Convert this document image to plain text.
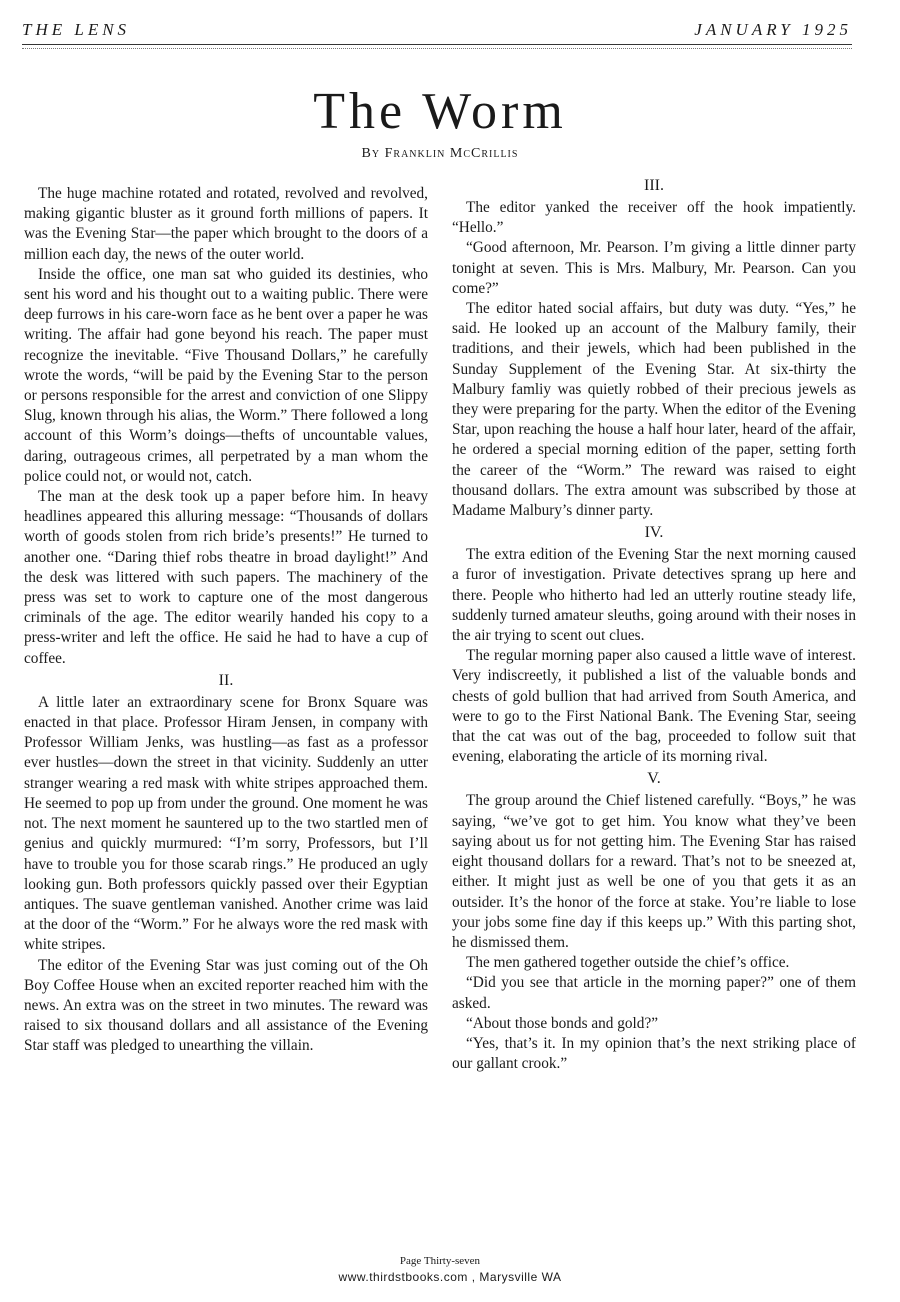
THE LENS	JANUARY 1925
The Worm
By Franklin McCrillis

The huge machine rotated and rotated, revolved and revolved, making gigantic bluster as it ground forth millions of papers. It was the Evening Star—the paper which brought to the doors of a million each day, the news of the outer world.

Inside the office, one man sat who guided its destinies, who sent his word and his thought out to a waiting public. There were deep furrows in his care-worn face as he bent over a paper he was writing. The affair had gone beyond his reach. The paper must recognize the inevitable. “Five Thousand Dollars,” he carefully wrote the words, “will be paid by the Evening Star to the person or persons responsible for the arrest and conviction of one Slippy Slug, known through his alias, the Worm.” There followed a long account of this Worm’s doings—thefts of uncountable values, daring, outrageous crimes, all perpetrated by a man whom the police could not, or would not, catch.

The man at the desk took up a paper before him. In heavy headlines appeared this alluring message: “Thousands of dollars worth of goods stolen from rich bride’s presents!” He turned to another one. “Daring thief robs theatre in broad daylight!” And the desk was littered with such papers. The machinery of the press was set to work to capture one of the most dangerous criminals of the age. The editor wearily handed his copy to a press-writer and left the office. He said he had to have a cup of coffee.

II.

A little later an extraordinary scene for Bronx Square was enacted in that place. Professor Hiram Jensen, in company with Professor William Jenks, was hustling—as fast as a professor ever hustles—down the street in that vicinity. Suddenly an utter stranger wearing a red mask with white stripes approached them. He seemed to pop up from under the ground. One moment he was not. The next moment he sauntered up to the two startled men of genius and quickly murmured: “I’m sorry, Professors, but I’ll have to trouble you for those scarab rings.” He produced an ugly looking gun. Both professors quickly passed over their Egyptian antiques. The suave gentleman vanished. Another crime was laid at the door of the “Worm.” For he always wore the red mask with white stripes.

The editor of the Evening Star was just coming out of the Oh Boy Coffee House when an excited reporter reached him with the news. An extra was on the street in two minutes. The reward was raised to six thousand dollars and all assistance of the Evening Star staff was pledged to unearthing the villain.

III.

The editor yanked the receiver off the hook impatiently. “Hello.”

“Good afternoon, Mr. Pearson. I’m giving a little dinner party tonight at seven. This is Mrs. Malbury, Mr. Pearson. Can you come?”

The editor hated social affairs, but duty was duty. “Yes,” he said. He looked up an account of the Malbury family, their traditions, and their jewels, which had been published in the Sunday Supplement of the Evening Star. At six-thirty the Malbury famliy was quietly robbed of their precious jewels as they were preparing for the party. When the editor of the Evening Star, upon reaching the house a half hour later, heard of the affair, he ordered a special morning edition of the paper, setting forth the career of the “Worm.” The reward was raised to eight thousand dollars. The extra amount was subscribed by those at Madame Malbury’s dinner party.

IV.

The extra edition of the Evening Star the next morning caused a furor of investigation. Private detectives sprang up here and there. People who hitherto had led an utterly routine steady life, suddenly turned amateur sleuths, going around with their noses in the air trying to scent out clues.

The regular morning paper also caused a little wave of interest. Very indiscreetly, it published a list of the valuable bonds and chests of gold bullion that had arrived from South America, and were to go to the First National Bank. The Evening Star, seeing that the cat was out of the bag, proceeded to follow suit that evening, elaborating the article of its morning rival.

V.

The group around the Chief listened carefully. “Boys,” he was saying, “we’ve got to get him. You know what they’ve been saying about us for not getting him. The Evening Star has raised eight thousand dollars for a reward. That’s not to be sneezed at, either. It might just as well be one of you that gets it as an outsider. It’s the honor of the force at stake. You’re liable to lose your jobs some fine day if this keeps up.” With this parting shot, he dismissed them.

The men gathered together outside the chief’s office.

“Did you see that article in the morning paper?” one of them asked.

“About those bonds and gold?”

“Yes, that’s it. In my opinion that’s the next striking place of our gallant crook.”

Page Thirty-seven
www.thirdstbooks.com , Marysville WA
